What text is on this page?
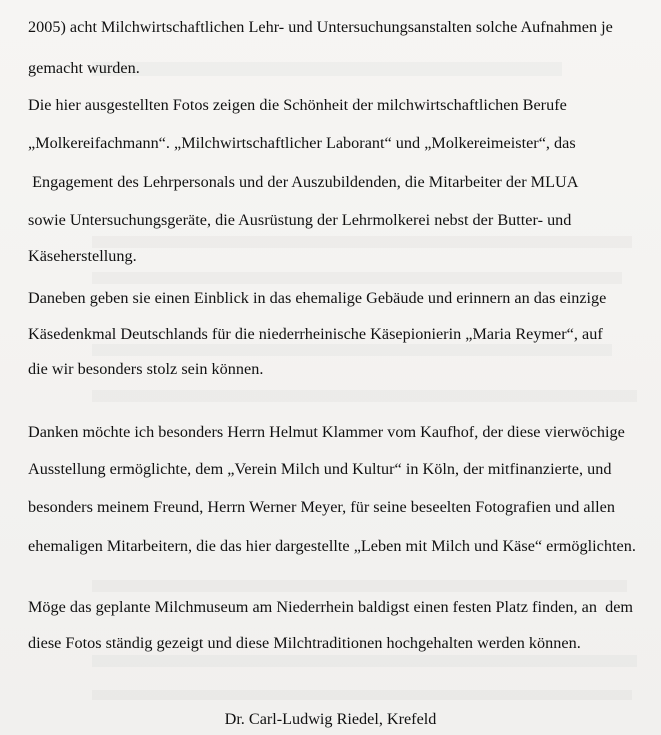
2005) acht Milchwirtschaftlichen Lehr- und Untersuchungsanstalten solche Aufnahmen je
gemacht wurden.
Die hier ausgestellten Fotos zeigen die Schönheit der milchwirtschaftlichen Berufe
„Molkereifachmann“. „Milchwirtschaftlicher Laborant“ und „Molkereimeister“, das
Engagement des Lehrpersonals und der Auszubildenden, die Mitarbeiter der MLUA
sowie Untersuchungsgeräte, die Ausrüstung der Lehrmolkerei nebst der Butter- und
Käseherstellung.
Daneben geben sie einen Einblick in das ehemalige Gebäude und erinnern an das einzige
Käsedenkmal Deutschlands für die niederrheinische Käsepionierin „Maria Reymer“, auf
die wir besonders stolz sein können.
Danken möchte ich besonders Herrn Helmut Klammer vom Kaufhof, der diese vierwöchige
Ausstellung ermöglichte, dem „Verein Milch und Kultur“ in Köln, der mitfinanzierte, und
besonders meinem Freund, Herrn Werner Meyer, für seine beseelten Fotografien und allen
ehemaligen Mitarbeitern, die das hier dargestellte „Leben mit Milch und Käse“ ermöglichten.
Möge das geplante Milchmuseum am Niederrhein baldigst einen festen Platz finden, an  dem
diese Fotos ständig gezeigt und diese Milchtraditionen hochgehalten werden können.
Dr. Carl-Ludwig Riedel, Krefeld
